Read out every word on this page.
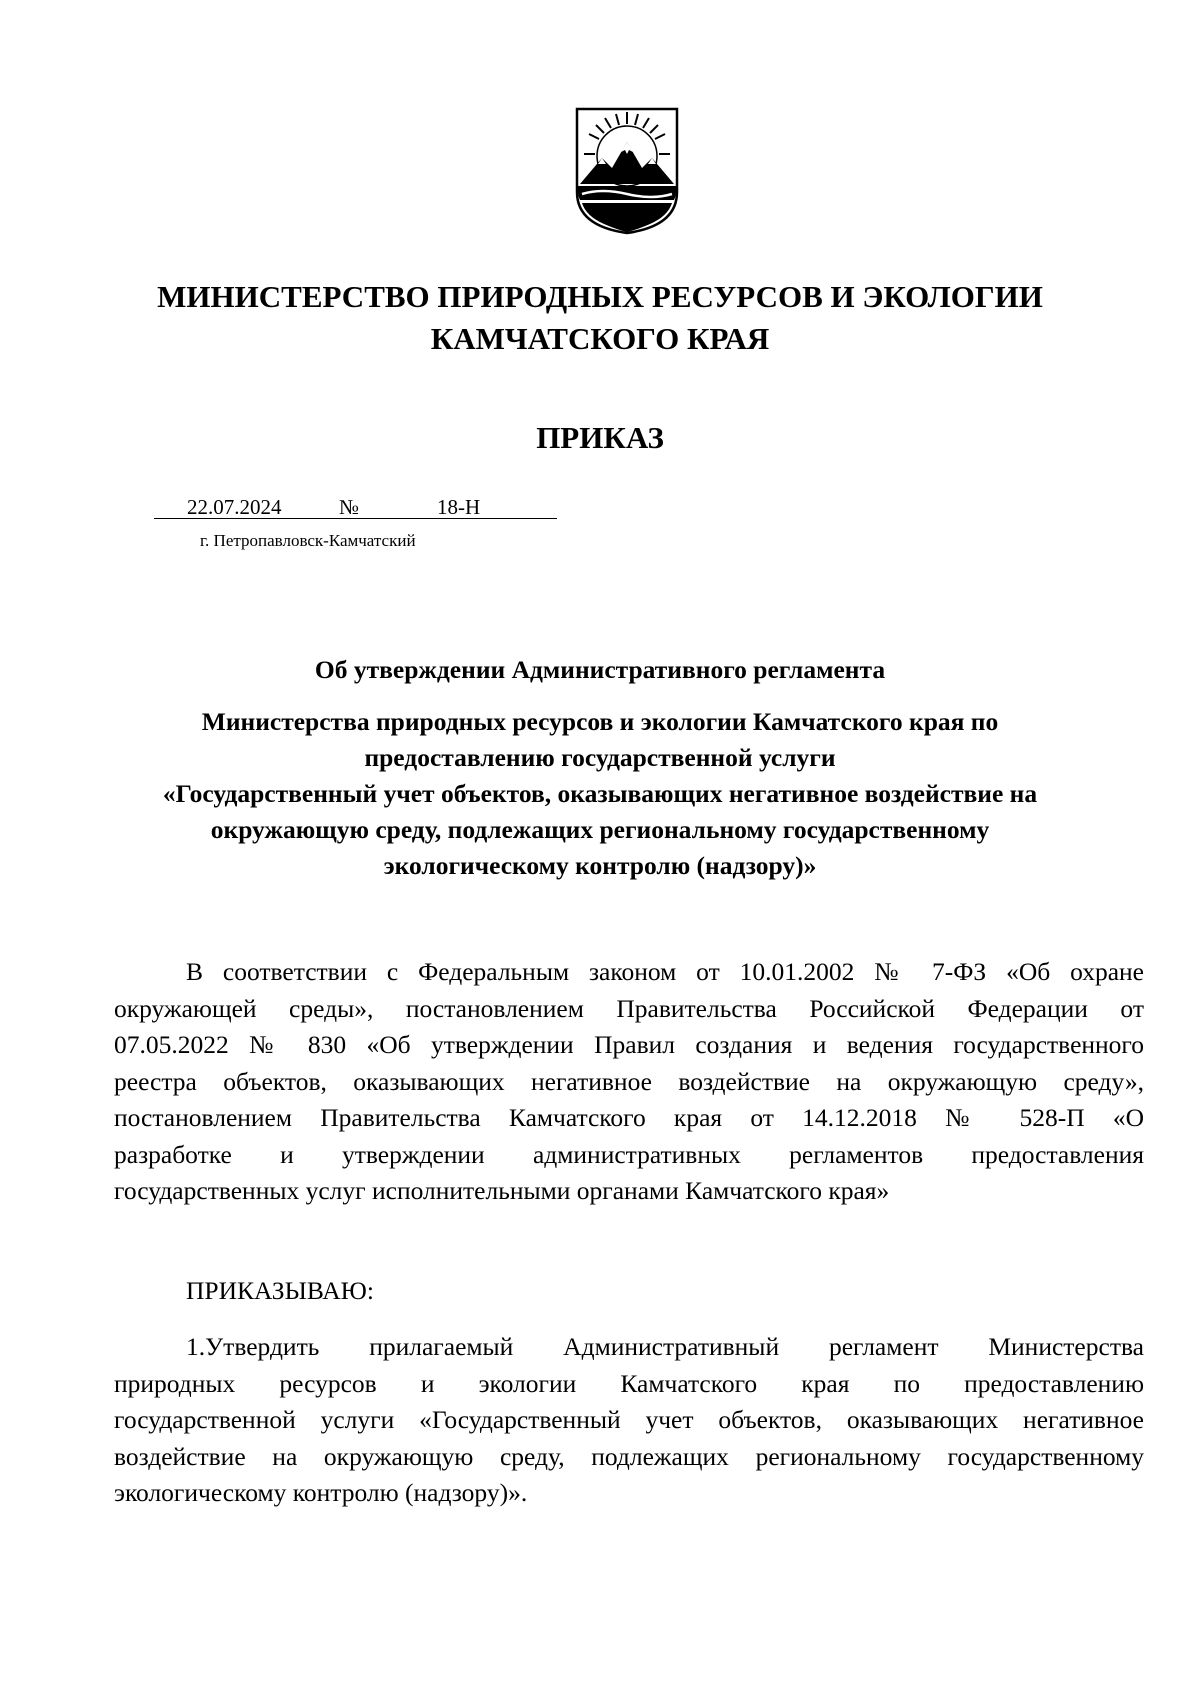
МИНИСТЕРСТВО ПРИРОДНЫХ РЕСУРСОВ И ЭКОЛОГИИ
КАМЧАТСКОГО КРАЯ
ПРИКАЗ
22.07.2024	№	18-Н
г. Петропавловск-Камчатский
Об утверждении Административного регламента
Министерства природных ресурсов и экологии Камчатского края по
предоставлению государственной услуги
«Государственный учет объектов, оказывающих негативное воздействие на
окружающую среду, подлежащих региональному государственному
экологическому контролю (надзору)»
В соответствии с Федеральным законом от 10.01.2002 № 7-ФЗ «Об охране
окружающей среды», постановлением Правительства Российской Федерации от
07.05.2022 № 830 «Об утверждении Правил создания и ведения государственного
реестра объектов, оказывающих негативное воздействие на окружающую среду»,
постановлением Правительства Камчатского края от 14.12.2018 № 528-П «О
разработке и утверждении административных регламентов предоставления
государственных услуг исполнительными органами Камчатского края»
ПРИКАЗЫВАЮ:
1.Утвердить прилагаемый Административный регламент Министерства
природных ресурсов и экологии Камчатского края по предоставлению
государственной услуги «Государственный учет объектов, оказывающих негативное
воздействие на окружающую среду, подлежащих региональному государственному
экологическому контролю (надзору)».
